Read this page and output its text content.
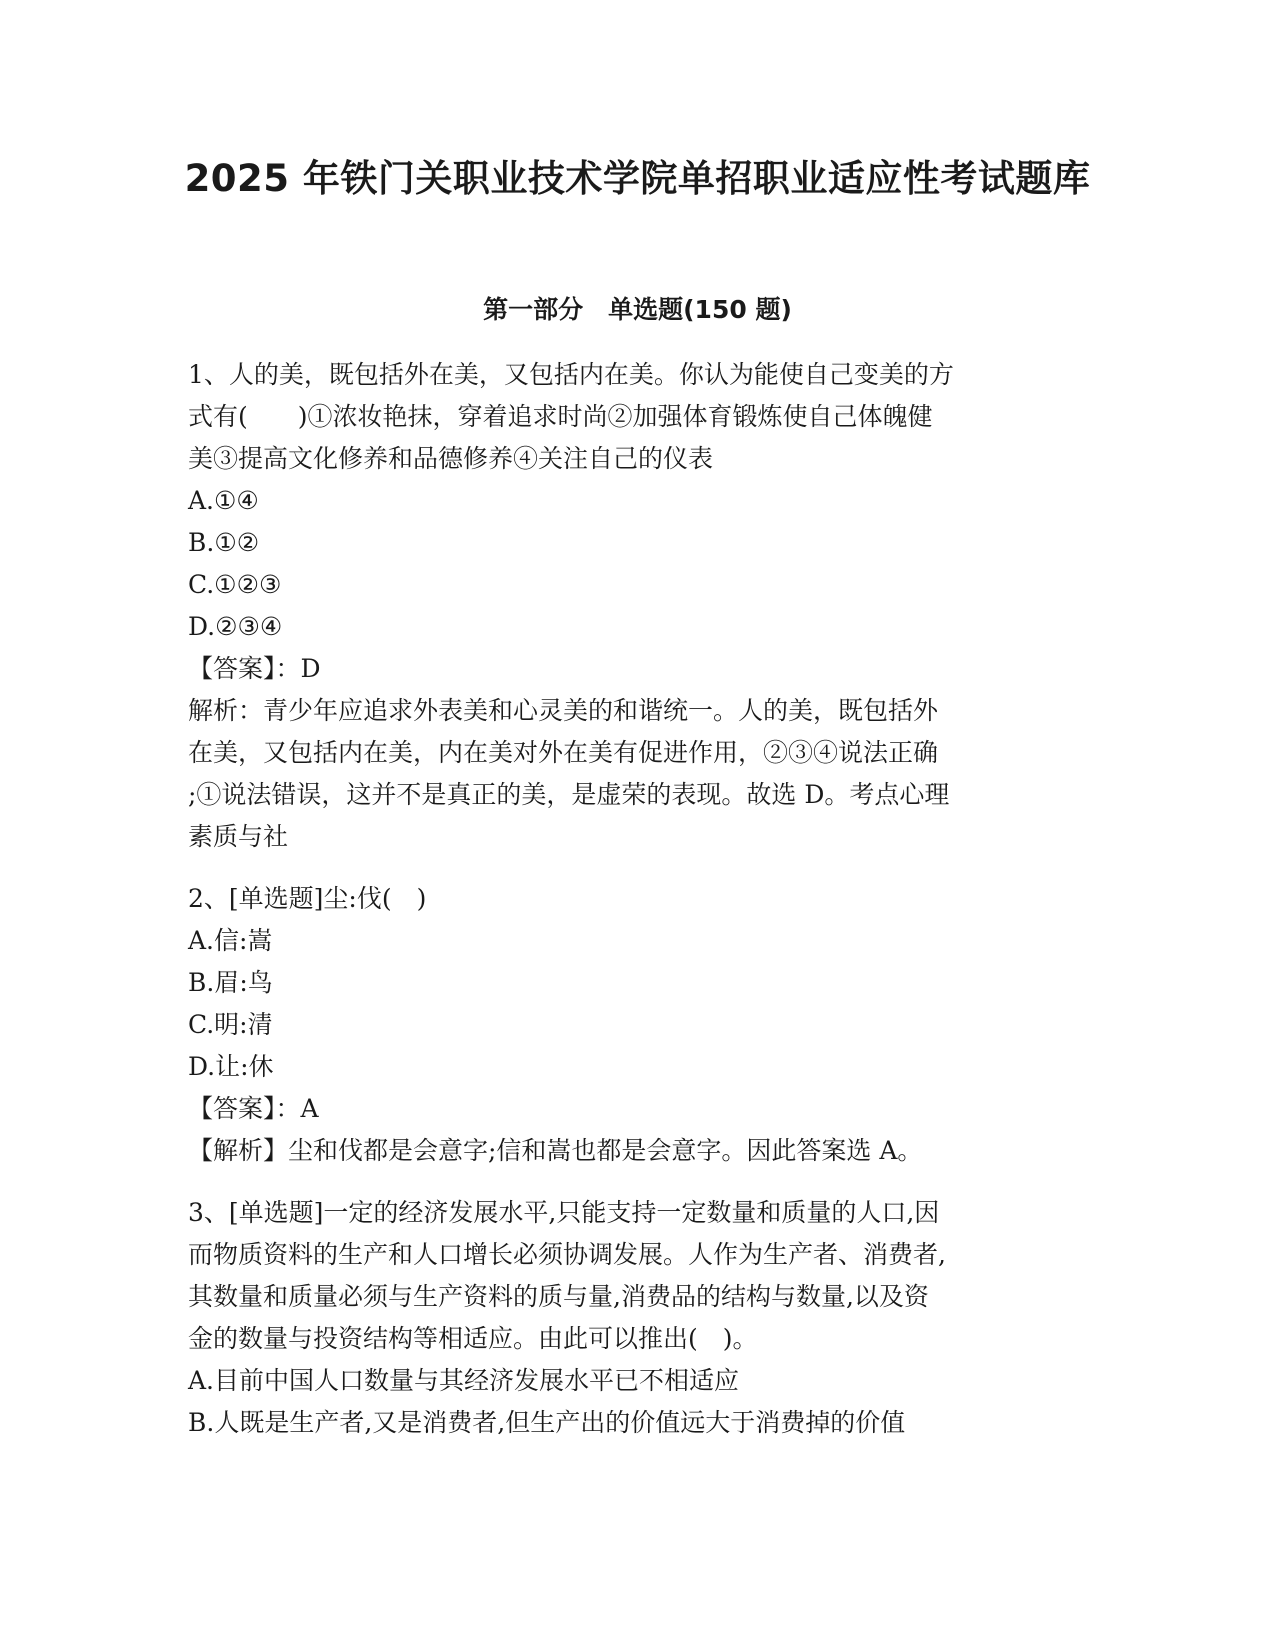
2025 年铁门关职业技术学院单招职业适应性考试题库
第一部分　单选题(150 题)
1、人的美，既包括外在美，又包括内在美。你认为能使自己变美的方
式有(　　)①浓妆艳抹，穿着追求时尚②加强体育锻炼使自己体魄健
美③提高文化修养和品德修养④关注自己的仪表
A.①④
B.①②
C.①②③
D.②③④
【答案】：D
解析：青少年应追求外表美和心灵美的和谐统一。人的美，既包括外
在美，又包括内在美，内在美对外在美有促进作用，②③④说法正确
;①说法错误，这并不是真正的美，是虚荣的表现。故选 D。考点心理
素质与社
2、[单选题]尘:伐(　)
A.信:嵩
B.眉:鸟
C.明:清
D.让:休
【答案】：A
【解析】尘和伐都是会意字;信和嵩也都是会意字。因此答案选 A。
3、[单选题]一定的经济发展水平,只能支持一定数量和质量的人口,因
而物质资料的生产和人口增长必须协调发展。人作为生产者、消费者,
其数量和质量必须与生产资料的质与量,消费品的结构与数量,以及资
金的数量与投资结构等相适应。由此可以推出(　)。
A.目前中国人口数量与其经济发展水平已不相适应
B.人既是生产者,又是消费者,但生产出的价值远大于消费掉的价值
